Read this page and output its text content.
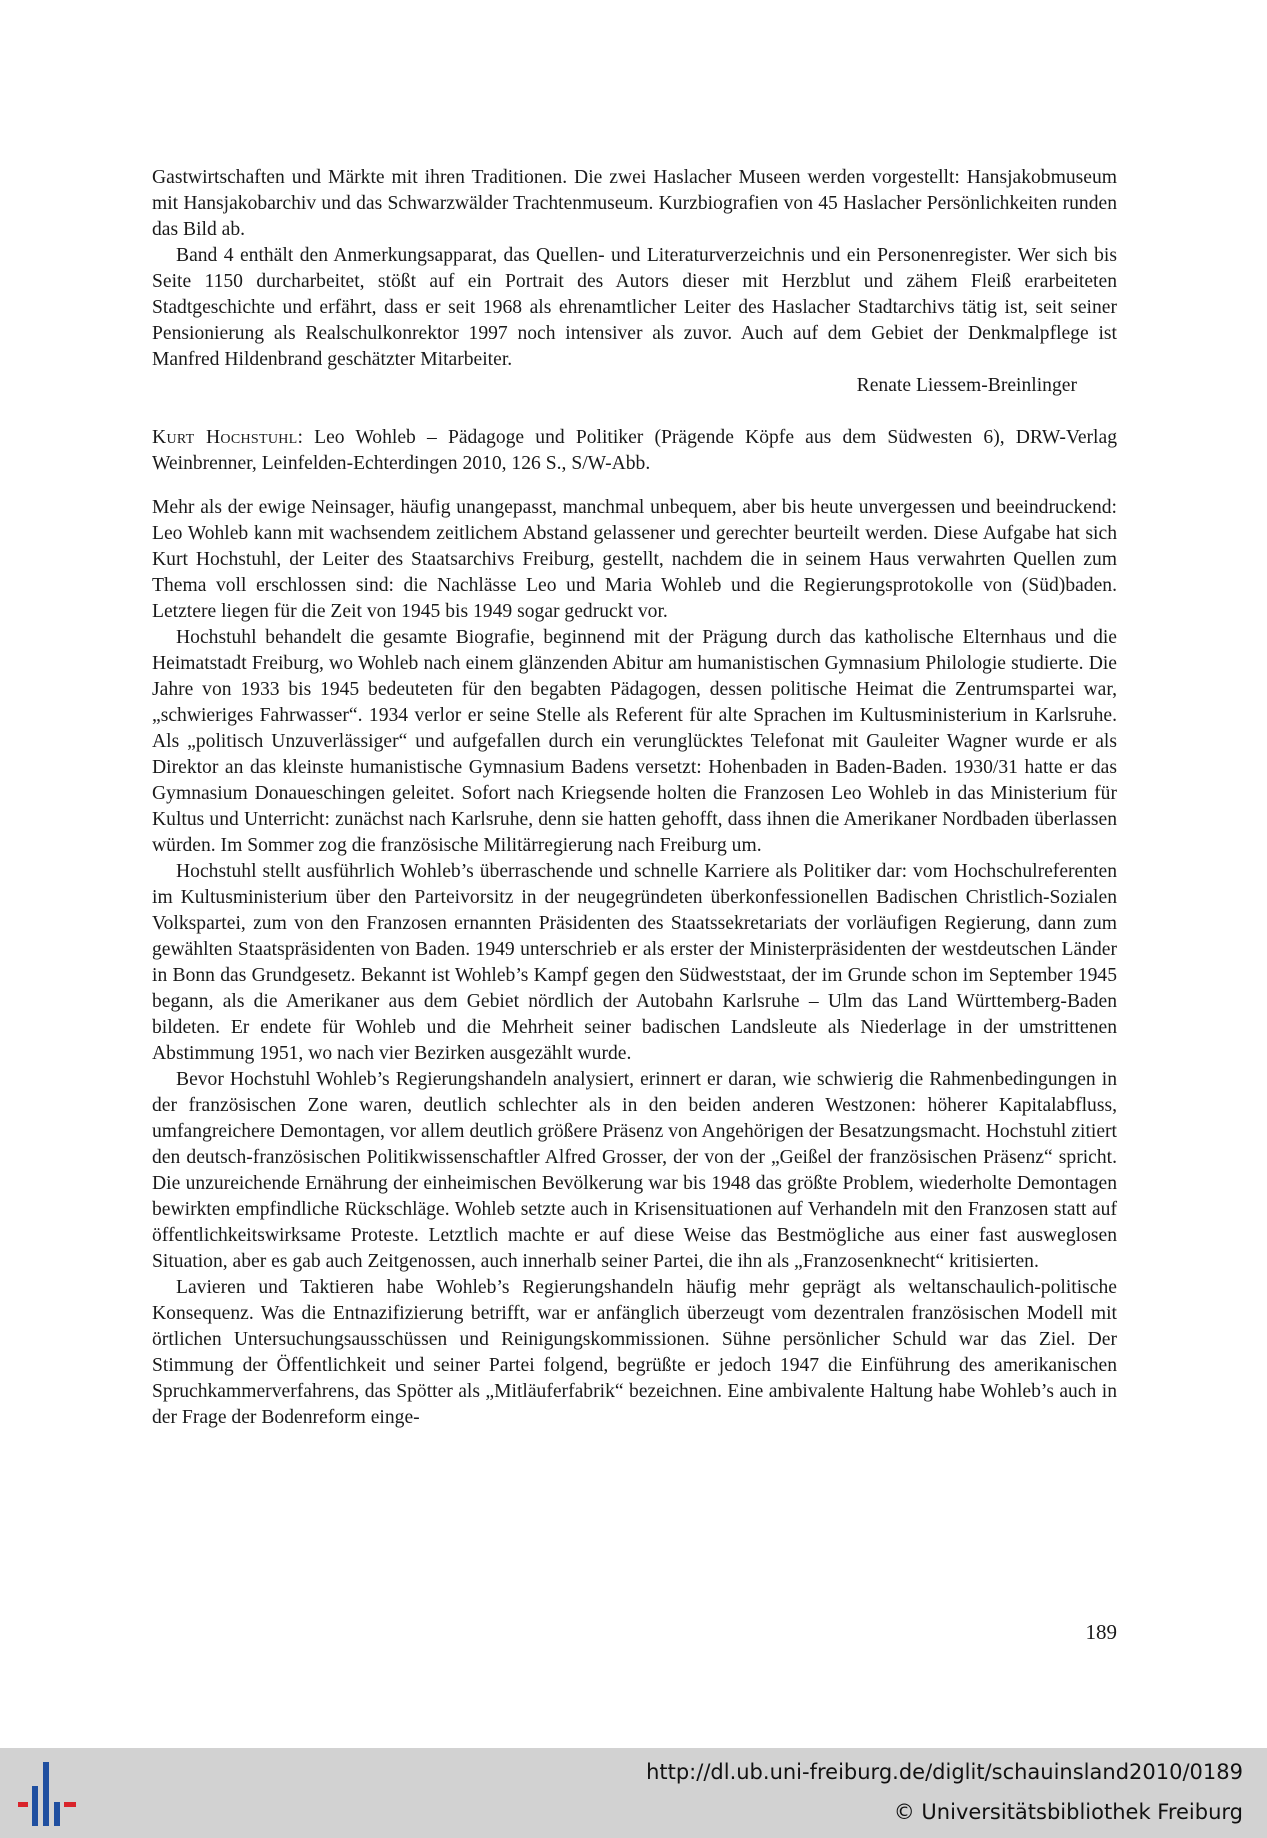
Gastwirtschaften und Märkte mit ihren Traditionen. Die zwei Haslacher Museen werden vorgestellt: Hansjakobmuseum mit Hansjakobarchiv und das Schwarzwälder Trachtenmuseum. Kurzbiografien von 45 Haslacher Persönlichkeiten runden das Bild ab.

Band 4 enthält den Anmerkungsapparat, das Quellen- und Literaturverzeichnis und ein Personenregister. Wer sich bis Seite 1150 durcharbeitet, stößt auf ein Portrait des Autors dieser mit Herzblut und zähem Fleiß erarbeiteten Stadtgeschichte und erfährt, dass er seit 1968 als ehrenamtlicher Leiter des Haslacher Stadtarchivs tätig ist, seit seiner Pensionierung als Realschulkonrektor 1997 noch intensiver als zuvor. Auch auf dem Gebiet der Denkmalpflege ist Manfred Hildenbrand geschätzter Mitarbeiter.

Renate Liessem-Breinlinger

Kurt Hochstuhl: Leo Wohleb – Pädagoge und Politiker (Prägende Köpfe aus dem Südwesten 6), DRW-Verlag Weinbrenner, Leinfelden-Echterdingen 2010, 126 S., S/W-Abb.

Mehr als der ewige Neinsager, häufig unangepasst, manchmal unbequem, aber bis heute unvergessen und beeindruckend: Leo Wohleb kann mit wachsendem zeitlichem Abstand gelassener und gerechter beurteilt werden. Diese Aufgabe hat sich Kurt Hochstuhl, der Leiter des Staatsarchivs Freiburg, gestellt, nachdem die in seinem Haus verwahrten Quellen zum Thema voll erschlossen sind: die Nachlässe Leo und Maria Wohleb und die Regierungsprotokolle von (Süd)baden. Letztere liegen für die Zeit von 1945 bis 1949 sogar gedruckt vor.

Hochstuhl behandelt die gesamte Biografie, beginnend mit der Prägung durch das katholische Elternhaus und die Heimatstadt Freiburg, wo Wohleb nach einem glänzenden Abitur am humanistischen Gymnasium Philologie studierte. Die Jahre von 1933 bis 1945 bedeuteten für den begabten Pädagogen, dessen politische Heimat die Zentrumspartei war, „schwieriges Fahrwasser“. 1934 verlor er seine Stelle als Referent für alte Sprachen im Kultusministerium in Karlsruhe. Als „politisch Unzuverlässiger“ und aufgefallen durch ein verunglücktes Telefonat mit Gauleiter Wagner wurde er als Direktor an das kleinste humanistische Gymnasium Badens versetzt: Hohenbaden in Baden-Baden. 1930/31 hatte er das Gymnasium Donaueschingen geleitet. Sofort nach Kriegsende holten die Franzosen Leo Wohleb in das Ministerium für Kultus und Unterricht: zunächst nach Karlsruhe, denn sie hatten gehofft, dass ihnen die Amerikaner Nordbaden überlassen würden. Im Sommer zog die französische Militärregierung nach Freiburg um.

Hochstuhl stellt ausführlich Wohleb’s überraschende und schnelle Karriere als Politiker dar: vom Hochschulreferenten im Kultusministerium über den Parteivorsitz in der neugegründeten überkonfessionellen Badischen Christlich-Sozialen Volkspartei, zum von den Franzosen ernannten Präsidenten des Staatssekretariats der vorläufigen Regierung, dann zum gewählten Staatspräsidenten von Baden. 1949 unterschrieb er als erster der Ministerpräsidenten der westdeutschen Länder in Bonn das Grundgesetz. Bekannt ist Wohleb’s Kampf gegen den Südweststaat, der im Grunde schon im September 1945 begann, als die Amerikaner aus dem Gebiet nördlich der Autobahn Karlsruhe – Ulm das Land Württemberg-Baden bildeten. Er endete für Wohleb und die Mehrheit seiner badischen Landsleute als Niederlage in der umstrittenen Abstimmung 1951, wo nach vier Bezirken ausgezählt wurde.

Bevor Hochstuhl Wohleb’s Regierungshandeln analysiert, erinnert er daran, wie schwierig die Rahmenbedingungen in der französischen Zone waren, deutlich schlechter als in den beiden anderen Westzonen: höherer Kapitalabfluss, umfangreichere Demontagen, vor allem deutlich größere Präsenz von Angehörigen der Besatzungsmacht. Hochstuhl zitiert den deutsch-französischen Politikwissenschaftler Alfred Grosser, der von der „Geißel der französischen Präsenz“ spricht. Die unzureichende Ernährung der einheimischen Bevölkerung war bis 1948 das größte Problem, wiederholte Demontagen bewirkten empfindliche Rückschläge. Wohleb setzte auch in Krisensituationen auf Verhandeln mit den Franzosen statt auf öffentlichkeitswirksame Proteste. Letztlich machte er auf diese Weise das Bestmögliche aus einer fast ausweglosen Situation, aber es gab auch Zeitgenossen, auch innerhalb seiner Partei, die ihn als „Franzosenknecht“ kritisierten.

Lavieren und Taktieren habe Wohleb’s Regierungshandeln häufig mehr geprägt als weltanschaulich-politische Konsequenz. Was die Entnazifizierung betrifft, war er anfänglich überzeugt vom dezentralen französischen Modell mit örtlichen Untersuchungsausschüssen und Reinigungskommissionen. Sühne persönlicher Schuld war das Ziel. Der Stimmung der Öffentlichkeit und seiner Partei folgend, begrüßte er jedoch 1947 die Einführung des amerikanischen Spruchkammerverfahrens, das Spötter als „Mitläuferfabrik“ bezeichnen. Eine ambivalente Haltung habe Wohleb’s auch in der Frage der Bodenreform einge-

189
http://dl.ub.uni-freiburg.de/diglit/schauinsland2010/0189
© Universitätsbibliothek Freiburg
